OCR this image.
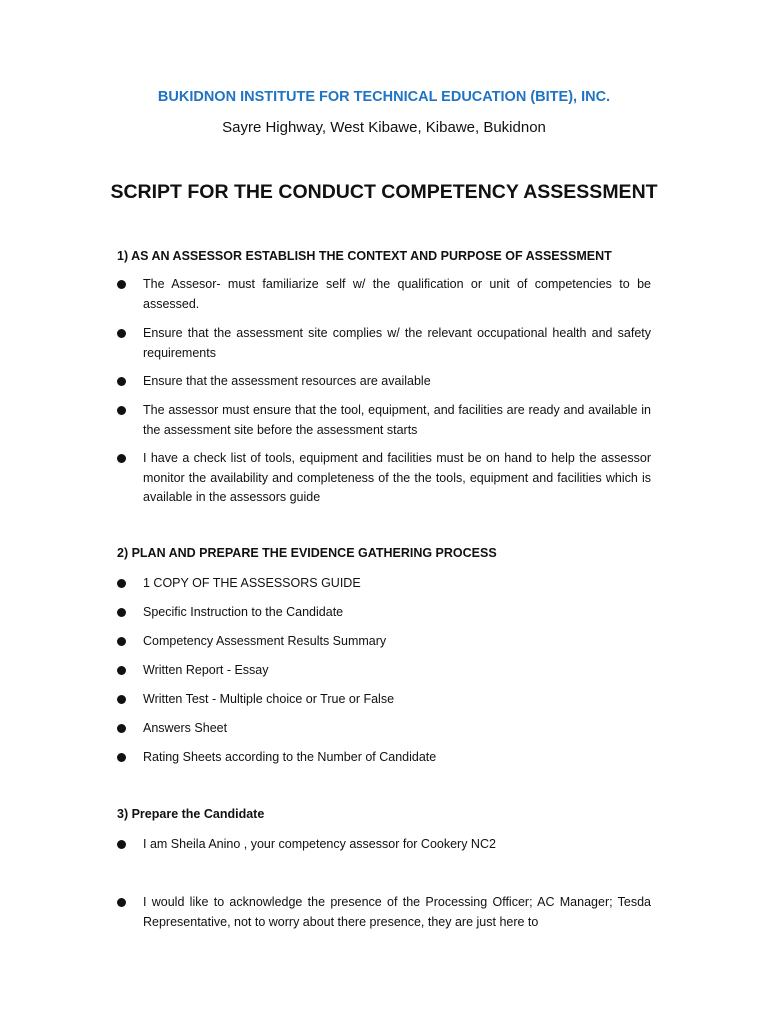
BUKIDNON INSTITUTE FOR TECHNICAL EDUCATION (BITE), INC.
Sayre Highway, West Kibawe, Kibawe, Bukidnon
SCRIPT FOR THE CONDUCT COMPETENCY ASSESSMENT
1) AS AN ASSESSOR ESTABLISH THE CONTEXT AND PURPOSE OF ASSESSMENT
The Assesor- must familiarize self w/ the qualification or unit of competencies to be assessed.
Ensure that the assessment site complies w/ the relevant occupational health and safety requirements
Ensure that the assessment resources are available
The assessor must ensure that the tool, equipment, and facilities are ready and available in the assessment site before the assessment starts
I have a check list of tools, equipment and facilities must be on hand to help the assessor monitor the availability and completeness of the the tools, equipment and facilities which is available in the assessors guide
2) PLAN AND PREPARE THE EVIDENCE GATHERING PROCESS
1 COPY OF THE ASSESSORS GUIDE
Specific Instruction to the Candidate
Competency Assessment Results Summary
Written Report - Essay
Written Test - Multiple choice or True or False
Answers Sheet
Rating Sheets according to the Number of Candidate
3) Prepare the Candidate
I am Sheila Anino , your competency assessor for Cookery NC2
I would like to acknowledge the presence of the Processing Officer; AC Manager; Tesda Representative, not to worry about there presence, they are just here to
